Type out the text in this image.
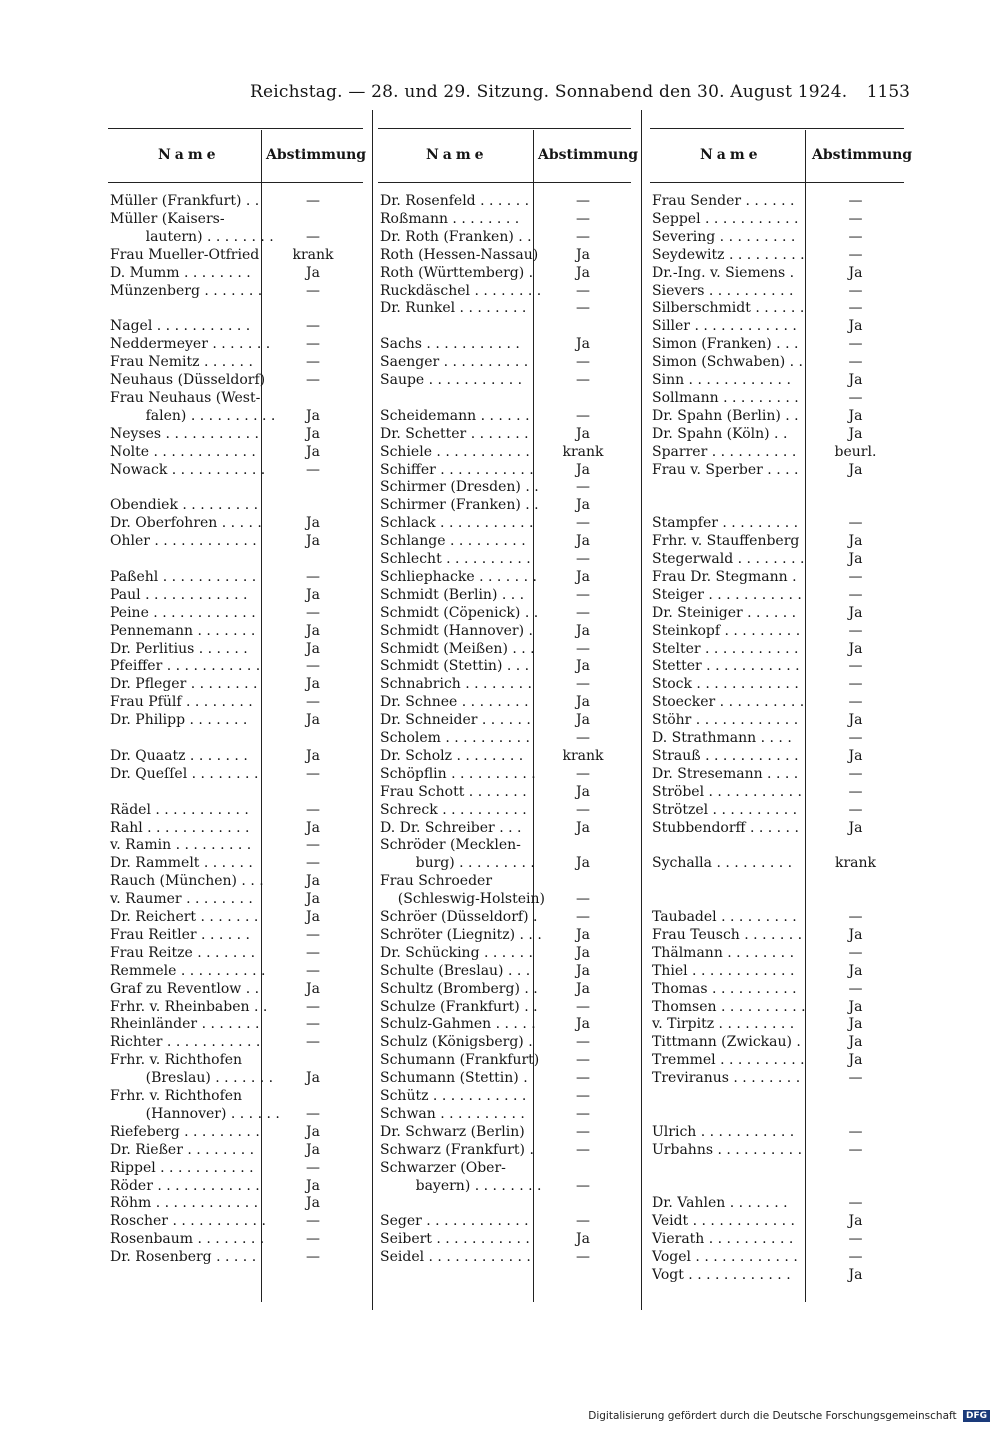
Reichstag. — 28. und 29. Sitzung. Sonnabend den 30. August 1924. 1153
Name	Abstimmung
Müller (Frankfurt) . .	—
Müller (Kaisers-
lautern) . . . . . . . .	—
Frau Mueller-Otfried	krank
D. Mumm . . . . . . . .	Ja
Münzenberg . . . . . . .	—
Nagel . . . . . . . . . . .	—
Neddermeyer . . . . . . .	—
Frau Nemitz . . . . . .	—
Neuhaus (Düsseldorf)	—
Frau Neuhaus (West-
falen) . . . . . . . . . .	Ja
Neyses . . . . . . . . . . .	Ja
Nolte . . . . . . . . . . . .	Ja
Nowack . . . . . . . . . . .	—
Obendiek . . . . . . . . .
Dr. Oberfohren . . . . .	Ja
Ohler . . . . . . . . . . . .	Ja
Paßehl . . . . . . . . . . .	—
Paul . . . . . . . . . . . .	Ja
Peine . . . . . . . . . . . .	—
Pennemann . . . . . . .	Ja
Dr. Perlitius . . . . . .	Ja
Pfeiffer . . . . . . . . . . .	—
Dr. Pfleger . . . . . . . .	Ja
Frau Pfülf . . . . . . . .	—
Dr. Philipp . . . . . . .	Ja
Dr. Quaatz . . . . . . .	Ja
Dr. Queſſel . . . . . . . .	—
Rädel . . . . . . . . . . .	—
Rahl . . . . . . . . . . . .	Ja
v. Ramin . . . . . . . . .	—
Dr. Rammelt . . . . . .	—
Rauch (München) . . .	Ja
v. Raumer . . . . . . . .	Ja
Dr. Reichert . . . . . . .	Ja
Frau Reitler . . . . . .	—
Frau Reitze . . . . . . .	—
Remmele . . . . . . . . . .	—
Graf zu Reventlow . .	Ja
Frhr. v. Rheinbaben . .	—
Rheinländer . . . . . . .	—
Richter . . . . . . . . . . .	—
Frhr. v. Richthofen
(Breslau) . . . . . . .	Ja
Frhr. v. Richthofen
(Hannover) . . . . . .	—
Riefeberg . . . . . . . . .	Ja
Dr. Rießer . . . . . . . .	Ja
Rippel . . . . . . . . . . .	—
Röder . . . . . . . . . . . .	Ja
Röhm . . . . . . . . . . . .	Ja
Roscher . . . . . . . . . . .	—
Rosenbaum . . . . . . . .	—
Dr. Rosenberg . . . . .	—
Name	Abstimmung
Dr. Rosenfeld . . . . . .	—
Roßmann . . . . . . . .	—
Dr. Roth (Franken) . .	—
Roth (Hessen-Nassau)	Ja
Roth (Württemberg) .	Ja
Ruckdäschel . . . . . . . .	—
Dr. Runkel . . . . . . . .	—
Sachs . . . . . . . . . . .	Ja
Saenger . . . . . . . . . .	—
Saupe . . . . . . . . . . .	—
Scheidemann . . . . . .	—
Dr. Schetter . . . . . . .	Ja
Schiele . . . . . . . . . . .	krank
Schiffer . . . . . . . . . . .	Ja
Schirmer (Dresden) . .	—
Schirmer (Franken) . .	Ja
Schlack . . . . . . . . . . .	—
Schlange . . . . . . . . .	Ja
Schlecht . . . . . . . . . .	—
Schliephacke . . . . . . .	Ja
Schmidt (Berlin) . . .	—
Schmidt (Cöpenick) . .	—
Schmidt (Hannover) .	Ja
Schmidt (Meißen) . . .	—
Schmidt (Stettin) . . .	Ja
Schnabrich . . . . . . . .	—
Dr. Schnee . . . . . . . .	Ja
Dr. Schneider . . . . . .	Ja
Scholem . . . . . . . . . .	—
Dr. Scholz . . . . . . . .	krank
Schöpflin . . . . . . . . . .	—
Frau Schott . . . . . . .	Ja
Schreck . . . . . . . . . .	—
D. Dr. Schreiber . . .	Ja
Schröder (Mecklen-
burg) . . . . . . . . .	Ja
Frau Schroeder
(Schleswig-Holstein)	—
Schröer (Düsseldorf) .	—
Schröter (Liegnitz) . . .	Ja
Dr. Schücking . . . . . .	Ja
Schulte (Breslau) . . .	Ja
Schultz (Bromberg) . .	Ja
Schulze (Frankfurt) . .	—
Schulz-Gahmen . . . . .	Ja
Schulz (Königsberg) .	—
Schumann (Frankfurt)	—
Schumann (Stettin) .	—
Schütz . . . . . . . . . . .	—
Schwan . . . . . . . . . .	—
Dr. Schwarz (Berlin)	—
Schwarz (Frankfurt) .	—
Schwarzer (Ober-
bayern) . . . . . . . .	—
Seger . . . . . . . . . . . .	—
Seibert . . . . . . . . . . .	Ja
Seidel . . . . . . . . . . . .	—
Name	Abstimmung
Frau Sender . . . . . .	—
Seppel . . . . . . . . . . .	—
Severing . . . . . . . . .	—
Seydewitz . . . . . . . . .	—
Dr.-Ing. v. Siemens .	Ja
Sievers . . . . . . . . . .	—
Silberschmidt . . . . . .	—
Siller . . . . . . . . . . . .	Ja
Simon (Franken) . . .	—
Simon (Schwaben) . .	—
Sinn . . . . . . . . . . . .	Ja
Sollmann . . . . . . . . .	—
Dr. Spahn (Berlin) . .	Ja
Dr. Spahn (Köln) . .	Ja
Sparrer . . . . . . . . . .	beurl.
Frau v. Sperber . . . .	Ja
Stampfer . . . . . . . . .	—
Frhr. v. Stauffenberg	Ja
Stegerwald . . . . . . . .	Ja
Frau Dr. Stegmann .	—
Steiger . . . . . . . . . . .	—
Dr. Steiniger . . . . . .	Ja
Steinkopf . . . . . . . . .	—
Stelter . . . . . . . . . . .	Ja
Stetter . . . . . . . . . . .	—
Stock . . . . . . . . . . . .	—
Stoecker . . . . . . . . . .	—
Stöhr . . . . . . . . . . . .	Ja
D. Strathmann . . . .	—
Strauß . . . . . . . . . . .	Ja
Dr. Stresemann . . . .	—
Ströbel . . . . . . . . . . .	—
Strötzel . . . . . . . . . .	—
Stubbendorff . . . . . .	Ja
Sychalla . . . . . . . . .	krank
Taubadel . . . . . . . . .	—
Frau Teusch . . . . . . .	Ja
Thälmann . . . . . . . .	—
Thiel . . . . . . . . . . . .	Ja
Thomas . . . . . . . . . .	—
Thomsen . . . . . . . . . .	Ja
v. Tirpitz . . . . . . . . .	Ja
Tittmann (Zwickau) .	Ja
Tremmel . . . . . . . . . .	Ja
Treviranus . . . . . . . .	—
Ulrich . . . . . . . . . . .	—
Urbahns . . . . . . . . . .	—
Dr. Vahlen . . . . . . .	—
Veidt . . . . . . . . . . . .	Ja
Vierath . . . . . . . . . .	—
Vogel . . . . . . . . . . . .	—
Vogt . . . . . . . . . . . .	Ja
Digitalisierung gefördert durch die Deutsche Forschungsgemeinschaft DFG
